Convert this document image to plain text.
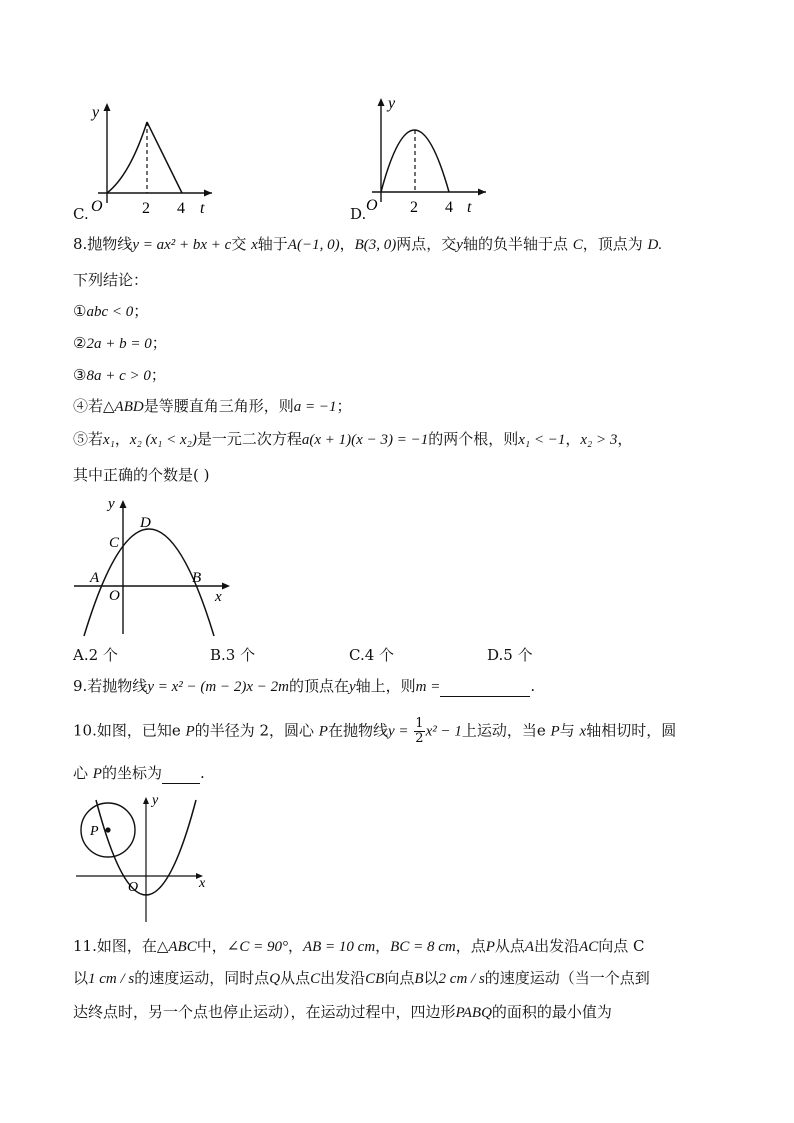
y
O 2 4 t
C.
y
O 2 4 t
D.
8.抛物线y = ax² + bx + c交 x轴于A(−1, 0)，B(3, 0)两点，交y轴的负半轴于点 C，顶点为 D.
下列结论：
①abc < 0；
②2a + b = 0；
③8a + c > 0；
④若△ABD是等腰直角三角形，则a = −1；
⑤若x₁，x₂ (x₁ < x₂)是一元二次方程a(x + 1)(x − 3) = −1的两个根，则x₁ < −1，x₂ > 3，
其中正确的个数是( )
y
x
O
A	B
C
D
A.2 个	B.3 个	C.4 个	D.5 个
9.若抛物线y = x² − (m − 2)x − 2m的顶点在y轴上，则m =	.
10.如图，已知e P的半径为 2，圆心 P在抛物线$y = \frac{1}{2} x^2 - 1$上运动，当e P与 x轴相切时，圆
心 P的坐标为	.
y
x
O
P
11.如图，在△ABC中，∠C = 90°，AB = 10 cm，BC = 8 cm，点P从点A出发沿AC向点 C
以1 cm / s的速度运动，同时点Q从点C出发沿CB向点B以2 cm / s的速度运动（当一个点到
达终点时，另一个点也停止运动），在运动过程中，四边形PABQ的面积的最小值为
